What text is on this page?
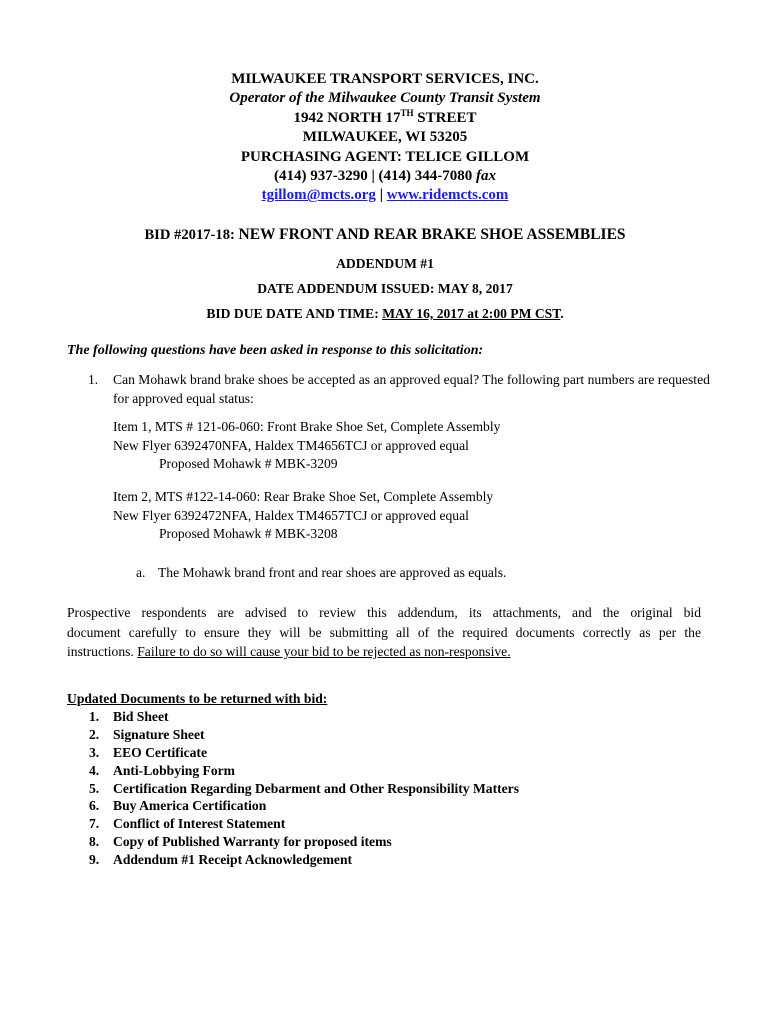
MILWAUKEE TRANSPORT SERVICES, INC.
Operator of the Milwaukee County Transit System
1942 NORTH 17TH STREET
MILWAUKEE, WI 53205
PURCHASING AGENT: TELICE GILLOM
(414) 937-3290 | (414) 344-7080 fax
tgillom@mcts.org | www.ridemcts.com
BID #2017-18: NEW FRONT AND REAR BRAKE SHOE ASSEMBLIES
ADDENDUM #1
DATE ADDENDUM ISSUED: MAY 8, 2017
BID DUE DATE AND TIME: MAY 16, 2017 at 2:00 PM CST.
The following questions have been asked in response to this solicitation:
1. Can Mohawk brand brake shoes be accepted as an approved equal? The following part numbers are requested for approved equal status:
Item 1, MTS # 121-06-060: Front Brake Shoe Set, Complete Assembly
New Flyer 6392470NFA, Haldex TM4656TCJ or approved equal
Proposed Mohawk # MBK-3209
Item 2, MTS #122-14-060: Rear Brake Shoe Set, Complete Assembly
New Flyer 6392472NFA, Haldex TM4657TCJ or approved equal
Proposed Mohawk # MBK-3208
a. The Mohawk brand front and rear shoes are approved as equals.
Prospective respondents are advised to review this addendum, its attachments, and the original bid
document carefully to ensure they will be submitting all of the required documents correctly as per the
instructions. Failure to do so will cause your bid to be rejected as non-responsive.
Updated Documents to be returned with bid:
1. Bid Sheet
2. Signature Sheet
3. EEO Certificate
4. Anti-Lobbying Form
5. Certification Regarding Debarment and Other Responsibility Matters
6. Buy America Certification
7. Conflict of Interest Statement
8. Copy of Published Warranty for proposed items
9. Addendum #1 Receipt Acknowledgement
